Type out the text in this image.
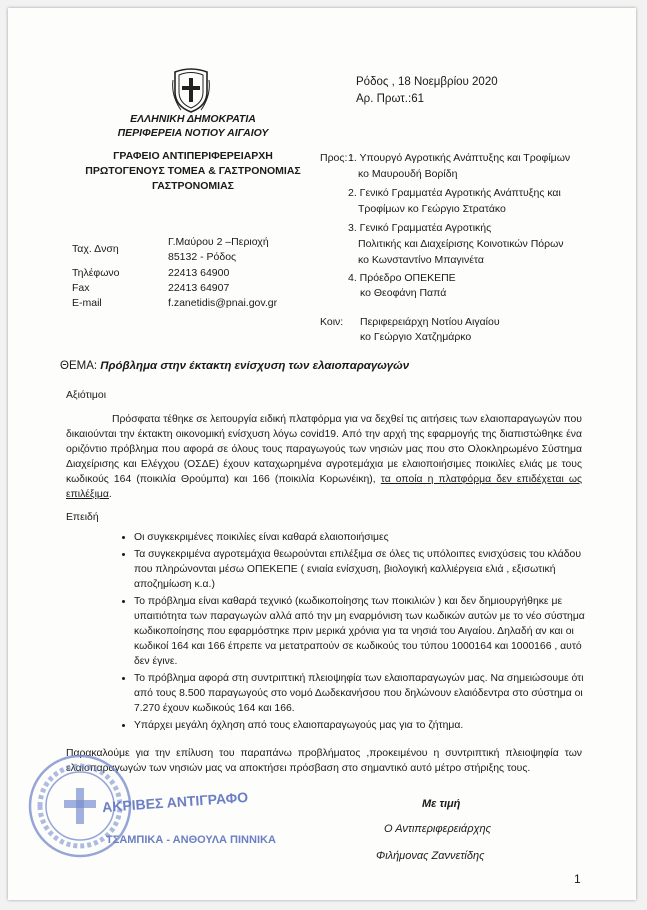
ΕΛΛΗΝΙΚΗ ΔΗΜΟΚΡΑΤΙΑ
ΠΕΡΙΦΕΡΕΙΑ ΝΟΤΙΟΥ ΑΙΓΑΙΟΥ
ΓΡΑΦΕΙΟ ΑΝΤΙΠΕΡΙΦΕΡΕΙΑΡΧΗ
ΠΡΩΤΟΓΕΝΟΥΣ ΤΟΜΕΑ & ΓΑΣΤΡΟΝΟΜΙΑΣ
ΓΑΣΤΡΟΝΟΜΙΑΣ
Ρόδος , 18 Νοεμβρίου 2020
Αρ. Πρωτ.:61
Προς: :
1. Υπουργό Αγροτικής Ανάπτυξης και Τροφίμων
κο Μαυρουδή Βορίδη
2. Γενικό Γραμματέα Αγροτικής Ανάπτυξης και
Τροφίμων κο Γεώργιο Στρατάκο
3. Γενικό Γραμματέα Αγροτικής
Πολιτικής και Διαχείρισης Κοινοτικών Πόρων
κο Κωνσταντίνο Μπαγινέτα
4. Πρόεδρο ΟΠΕΚΕΠΕ
κο Θεοφάνη Παπά
Κοιν: Περιφερειάρχη Νοτίου Αιγαίου
κο Γεώργιο Χατζημάρκο
Ταχ. Δνση
Γ.Μαύρου 2 –Περιοχή
85132 - Ρόδος
Τηλέφωνο	22413 64900
Fax	22413 64907
E-mail	f.zanetidis@pnai.gov.gr
ΘΕΜΑ: Πρόβλημα στην έκτακτη ενίσχυση των ελαιοπαραγωγών
Αξιότιμοι
Πρόσφατα τέθηκε σε λειτουργία ειδική πλατφόρμα για να δεχθεί τις αιτήσεις των ελαιοπαραγωγών που δικαιούνται την έκτακτη οικονομική ενίσχυση λόγω covid19. Από την αρχή της εφαρμογής της διαπιστώθηκε ένα οριζόντιο πρόβλημα που αφορά σε όλους τους παραγωγούς των νησιών μας που στο Ολοκληρωμένο Σύστημα Διαχείρισης και Ελέγχου (ΟΣΔΕ) έχουν καταχωρημένα αγροτεμάχια με ελαιοποιήσιμες ποικιλίες ελιάς με τους κωδικούς 164 (ποικιλία Θρούμπα) και 166 (ποικιλία Κορωνέικη), τα οποία η πλατφόρμα δεν επιδέχεται ως επιλέξιμα.
Επειδή
• Οι συγκεκριμένες ποικιλίες είναι καθαρά ελαιοποιήσιμες
• Τα συγκεκριμένα αγροτεμάχια θεωρούνται επιλέξιμα σε όλες τις υπόλοιπες ενισχύσεις του κλάδου που πληρώνονται μέσω ΟΠΕΚΕΠΕ ( ενιαία ενίσχυση, βιολογική καλλιέργεια ελιά , εξισωτική αποζημίωση κ.α.)
• Το πρόβλημα είναι καθαρά τεχνικό (κωδικοποίησης των ποικιλιών ) και δεν δημιουργήθηκε με υπαιτιότητα των παραγωγών αλλά από την μη εναρμόνιση των κωδικών αυτών με το νέο σύστημα κωδικοποίησης που εφαρμόστηκε πριν μερικά χρόνια για τα νησιά του Αιγαίου. Δηλαδή αν και οι κωδικοί 164 και 166 έπρεπε να μετατραπούν σε κωδικούς του τύπου 1000164 και 1000166 , αυτό δεν έγινε.
• Το πρόβλημα αφορά στη συντριπτική πλειοψηφία των ελαιοπαραγωγών μας. Να σημειώσουμε ότι από τους 8.500 παραγωγούς στο νομό Δωδεκανήσου που δηλώνουν ελαιόδεντρα στο σύστημα οι 7.270 έχουν κωδικούς 164 και 166.
• Υπάρχει μεγάλη όχληση από τους ελαιοπαραγωγούς μας για το ζήτημα.
Παρακαλούμε για την επίλυση του παραπάνω προβλήματος ,προκειμένου η συντριπτική πλειοψηφία των ελαιοπαραγωγών των νησιών μας να αποκτήσει πρόσβαση στο σημαντικό αυτό μέτρο στήριξης τους.
ΑΚΡΙΒΕΣ ΑΝΤΙΓΡΑΦΟ
ΤΣΑΜΠΙΚΑ - ΑΝΘΟΥΛΑ ΠΙΝΝΙΚΑ
Με τιμή
Ο Αντιπεριφερειάρχης
Φιλήμονας Ζαννετίδης
1
